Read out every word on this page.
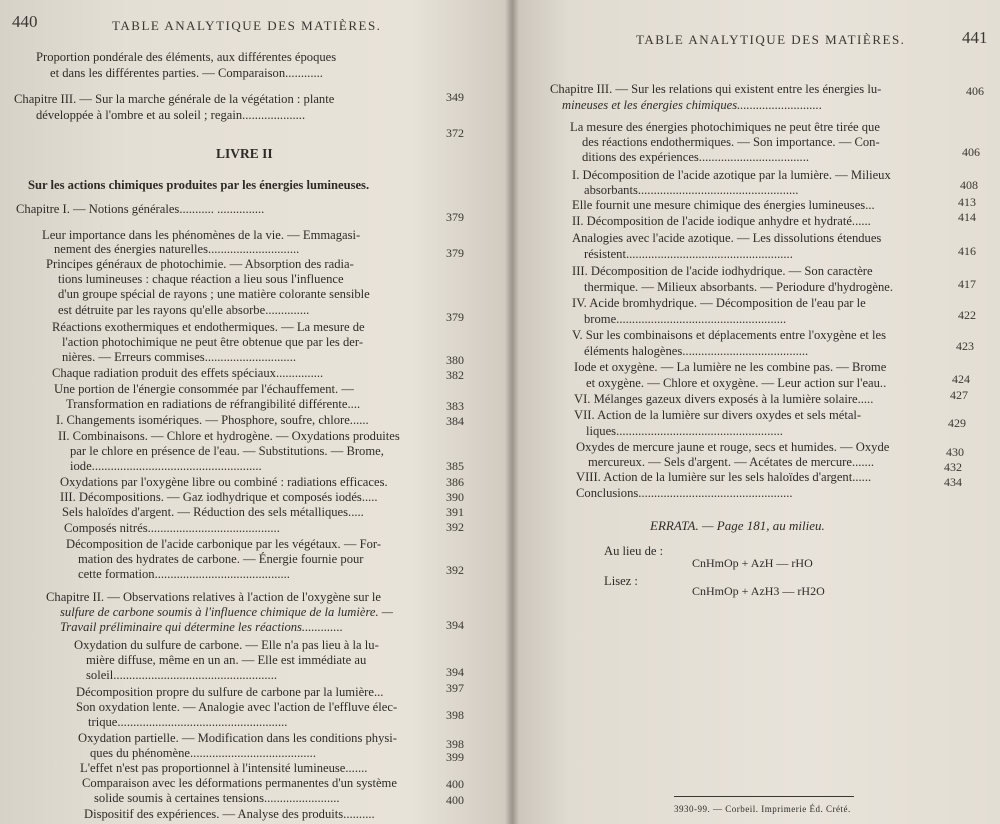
440	TABLE ANALYTIQUE DES MATIÈRES.
Proportion pondérale des éléments, aux différentes époques
et dans les différentes parties. — Comparaison............
Chapitre III. — Sur la marche générale de la végétation : plante
développée à l'ombre et au soleil ; regain....................
LIVRE II
Sur les actions chimiques produites par les énergies lumineuses.
Chapitre I. — Notions générales........... ...............
Leur importance dans les phénomènes de la vie. — Emmagasi-
nement des énergies naturelles.............................
Principes généraux de photochimie. — Absorption des radia-
tions lumineuses : chaque réaction a lieu sous l'influence
d'un groupe spécial de rayons ; une matière colorante sensible
est détruite par les rayons qu'elle absorbe..............
Réactions exothermiques et endothermiques. — La mesure de
l'action photochimique ne peut être obtenue que par les der-
nières. — Erreurs commises.............................
Chaque radiation produit des effets spéciaux...............
Une portion de l'énergie consommée par l'échauffement. —
Transformation en radiations de réfrangibilité différente....
I. Changements isomériques. — Phosphore, soufre, chlore......
II. Combinaisons. — Chlore et hydrogène. — Oxydations produites
par le chlore en présence de l'eau. — Substitutions. — Brome,
iode......................................................
Oxydations par l'oxygène libre ou combiné : radiations efficaces.
III. Décompositions. — Gaz iodhydrique et composés iodés.....
Sels haloïdes d'argent. — Réduction des sels métalliques.....
Composés nitrés..........................................
Décomposition de l'acide carbonique par les végétaux. — For-
mation des hydrates de carbone. — Énergie fournie pour
cette formation...........................................
Chapitre II. — Observations relatives à l'action de l'oxygène sur le
sulfure de carbone soumis à l'influence chimique de la lumière. —
Travail préliminaire qui détermine les réactions.............
Oxydation du sulfure de carbone. — Elle n'a pas lieu à la lu-
mière diffuse, même en un an. — Elle est immédiate au
soleil....................................................
Décomposition propre du sulfure de carbone par la lumière...
Son oxydation lente. — Analogie avec l'action de l'effluve élec-
trique......................................................
Oxydation partielle. — Modification dans les conditions physi-
ques du phénomène........................................
L'effet n'est pas proportionnel à l'intensité lumineuse.......
Comparaison avec les déformations permanentes d'un système
solide soumis à certaines tensions........................
Dispositif des expériences. — Analyse des produits..........
349
372
379
379
379
380
382
383
384
385
386
390
391
392
392
394
394
397
398
398
399
400
400
TABLE ANALYTIQUE DES MATIÈRES.	441
Chapitre III. — Sur les relations qui existent entre les énergies lu-
mineuses et les énergies chimiques...........................
La mesure des énergies photochimiques ne peut être tirée que
des réactions endothermiques. — Son importance. — Con-
ditions des expériences...................................
I. Décomposition de l'acide azotique par la lumière. — Milieux
absorbants...................................................
Elle fournit une mesure chimique des énergies lumineuses...
II. Décomposition de l'acide iodique anhydre et hydraté......
Analogies avec l'acide azotique. — Les dissolutions étendues
résistent.....................................................
III. Décomposition de l'acide iodhydrique. — Son caractère
thermique. — Milieux absorbants. — Periodure d'hydrogène.
IV. Acide bromhydrique. — Décomposition de l'eau par le
brome......................................................
V. Sur les combinaisons et déplacements entre l'oxygène et les
éléments halogènes........................................
Iode et oxygène. — La lumière ne les combine pas. — Brome
et oxygène. — Chlore et oxygène. — Leur action sur l'eau..
VI. Mélanges gazeux divers exposés à la lumière solaire.....
VII. Action de la lumière sur divers oxydes et sels métal-
liques.....................................................
Oxydes de mercure jaune et rouge, secs et humides. — Oxyde
mercureux. — Sels d'argent. — Acétates de mercure.......
VIII. Action de la lumière sur les sels haloïdes d'argent......
Conclusions.................................................
406
406
408
413
414
416
417
422
423
424
427
429
430
432
434
ERRATA. — Page 181, au milieu.
Au lieu de :
CnHmOp + AzH — rHO
Lisez :
CnHmOp + AzH3 — rH2O
3930-99. — Corbeil. Imprimerie Éd. Crété.
